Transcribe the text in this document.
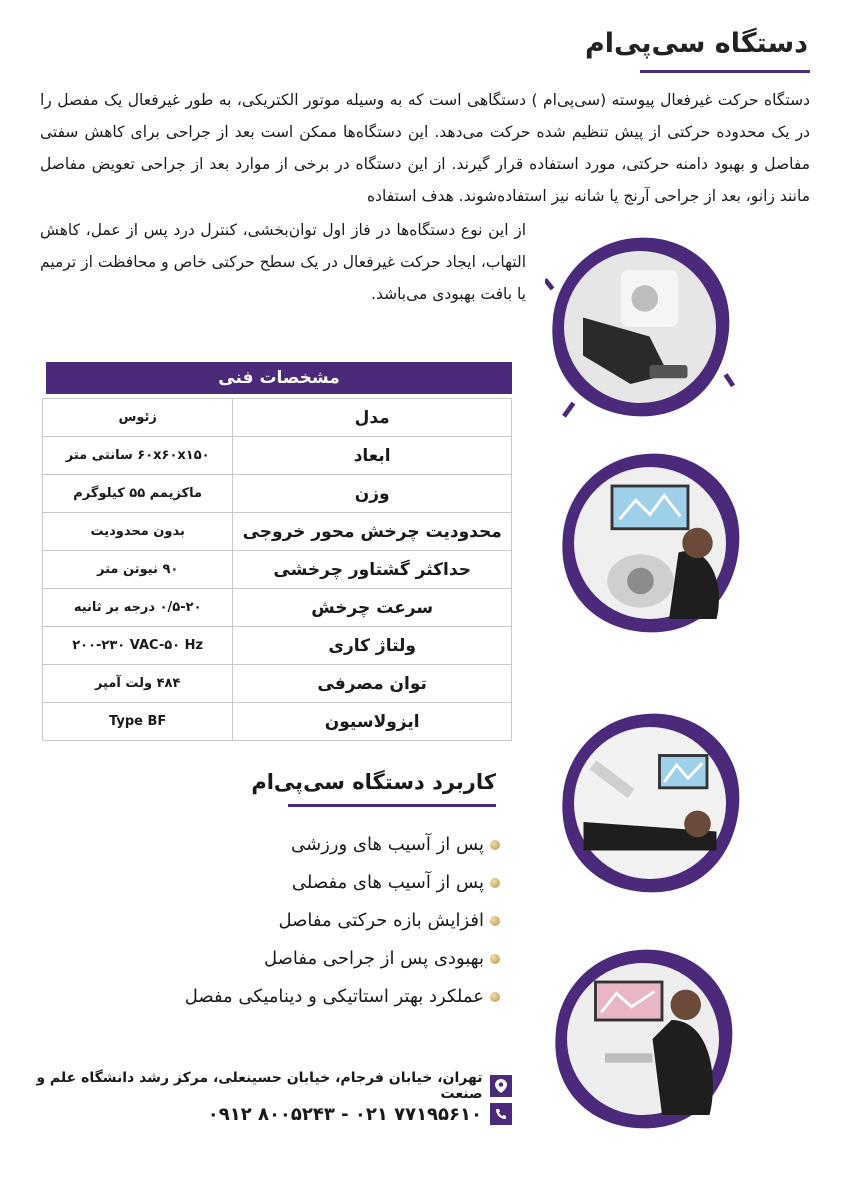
دستگاه سی‌پی‌ام

دستگاه حرکت غیرفعال پیوسته (سی‌پی‌ام ) دستگاهی است که به وسیله موتور الکتریکی، به طور غیرفعال یک مفصل را در یک محدوده حرکتی از پیش تنظیم شده حرکت می‌دهد. این دستگاه‌ها ممکن است بعد از جراحی برای کاهش سفتی مفاصل و بهبود دامنه حرکتی، مورد استفاده قرار گیرند. از این دستگاه در برخی از موارد بعد از جراحی تعویض مفاصل مانند زانو، بعد از جراحی آرنج یا شانه نیز استفاده‌شوند. هدف استفاده

از این نوع دستگاه‌ها در فاز اول توان‌بخشی، کنترل درد پس از عمل، کاهش التهاب، ایجاد حرکت غیرفعال در یک سطح حرکتی خاص و محافظت از ترمیم یا بافت بهبودی می‌باشد.

مشخصات فنی
مدل	زئوس
ابعاد	۶۰x۶۰x۱۵۰ سانتی متر
وزن	ماکزیمم ۵۵ کیلوگرم
محدودیت چرخش محور خروجی	بدون محدودیت
حداکثر گشتاور چرخشی	۹۰ نیوتن متر
سرعت چرخش	۰/۵-۲۰ درجه بر ثانیه
ولتاژ کاری	۲۰۰-۲۳۰ VAC-۵۰ Hz
توان مصرفی	۴۸۴ ولت آمپر
ایزولاسیون	Type BF
کاربرد دستگاه سی‌پی‌ام
پس از آسیب های ورزشی
پس از آسیب های مفصلی
افزایش بازه حرکتی مفاصل
بهبودی پس از جراحی مفاصل
عملکرد بهتر استاتیکی و دینامیکی مفصل
تهران، خیابان فرجام، خیابان حسینعلی، مرکز رشد دانشگاه علم و صنعت
۰۹۱۲ ۸۰۰۵۲۴۳ - ۰۲۱ ۷۷۱۹۵۶۱۰
